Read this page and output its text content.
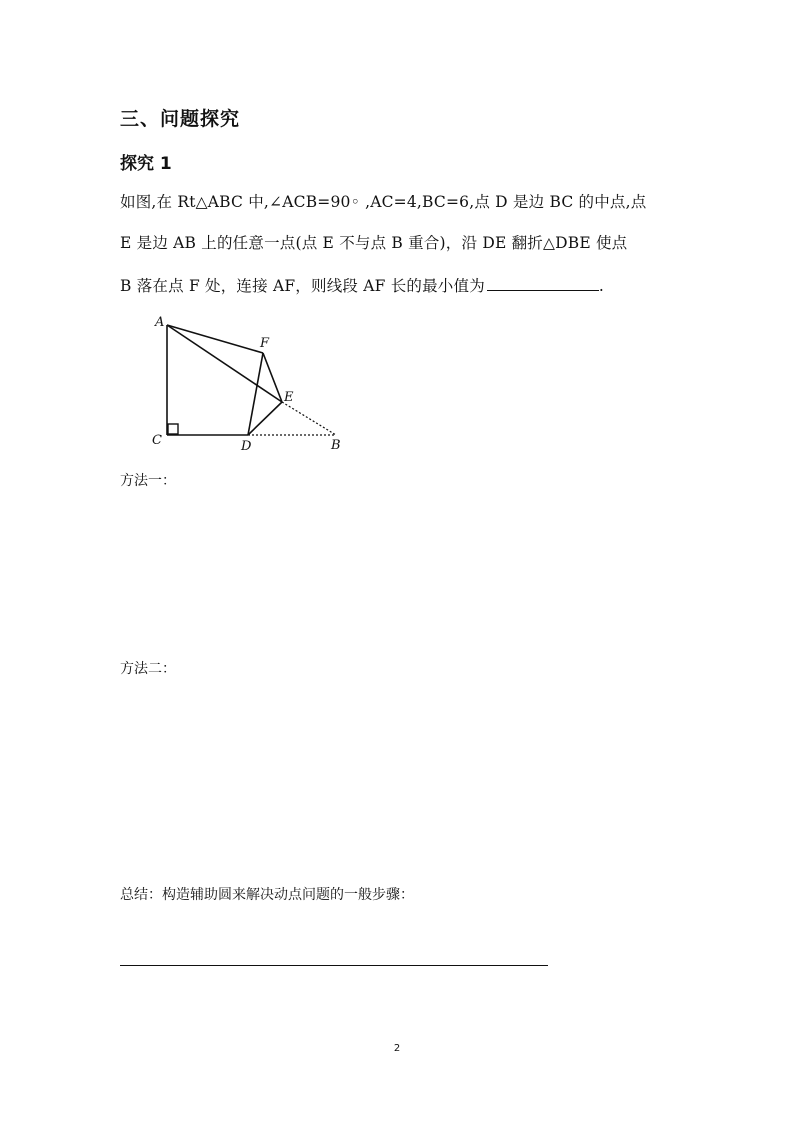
三、问题探究
探究 1
如图,在 Rt△ABC 中,∠ACB=90◦ ,AC=4,BC=6,点 D 是边 BC 的中点,点
E 是边 AB 上的任意一点(点 E 不与点 B 重合)，沿 DE 翻折△DBE 使点
B 落在点 F 处，连接 AF，则线段 AF 长的最小值为	.
A
F
E
C	D	B
方法一：
方法二：
总结：构造辅助圆来解决动点问题的一般步骤：
2
